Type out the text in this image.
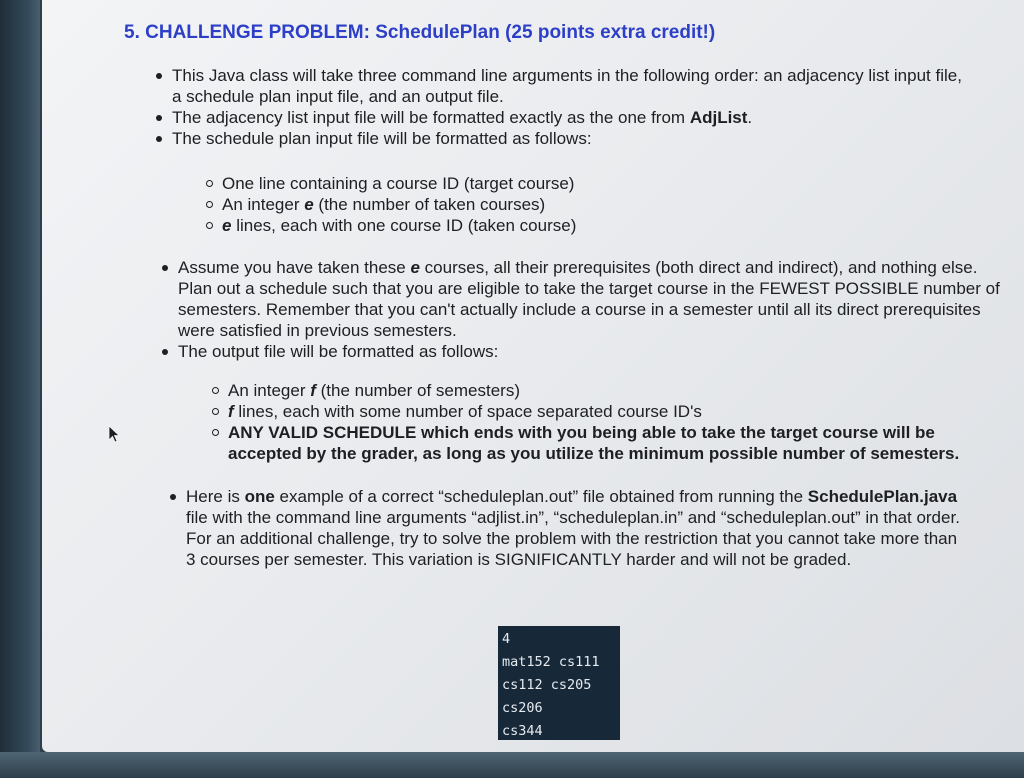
5. CHALLENGE PROBLEM: SchedulePlan (25 points extra credit!)
This Java class will take three command line arguments in the following order: an adjacency list input file, a schedule plan input file, and an output file.
The adjacency list input file will be formatted exactly as the one from AdjList.
The schedule plan input file will be formatted as follows:
One line containing a course ID (target course)
An integer e (the number of taken courses)
e lines, each with one course ID (taken course)
Assume you have taken these e courses, all their prerequisites (both direct and indirect), and nothing else. Plan out a schedule such that you are eligible to take the target course in the FEWEST POSSIBLE number of semesters. Remember that you can't actually include a course in a semester until all its direct prerequisites were satisfied in previous semesters.
The output file will be formatted as follows:
An integer f (the number of semesters)
f lines, each with some number of space separated course ID's
ANY VALID SCHEDULE which ends with you being able to take the target course will be accepted by the grader, as long as you utilize the minimum possible number of semesters.
Here is one example of a correct “scheduleplan.out” file obtained from running the SchedulePlan.java file with the command line arguments “adjlist.in”, “scheduleplan.in” and “scheduleplan.out” in that order. For an additional challenge, try to solve the problem with the restriction that you cannot take more than 3 courses per semester. This variation is SIGNIFICANTLY harder and will not be graded.
4
mat152 cs111
cs112 cs205
cs206
cs344
